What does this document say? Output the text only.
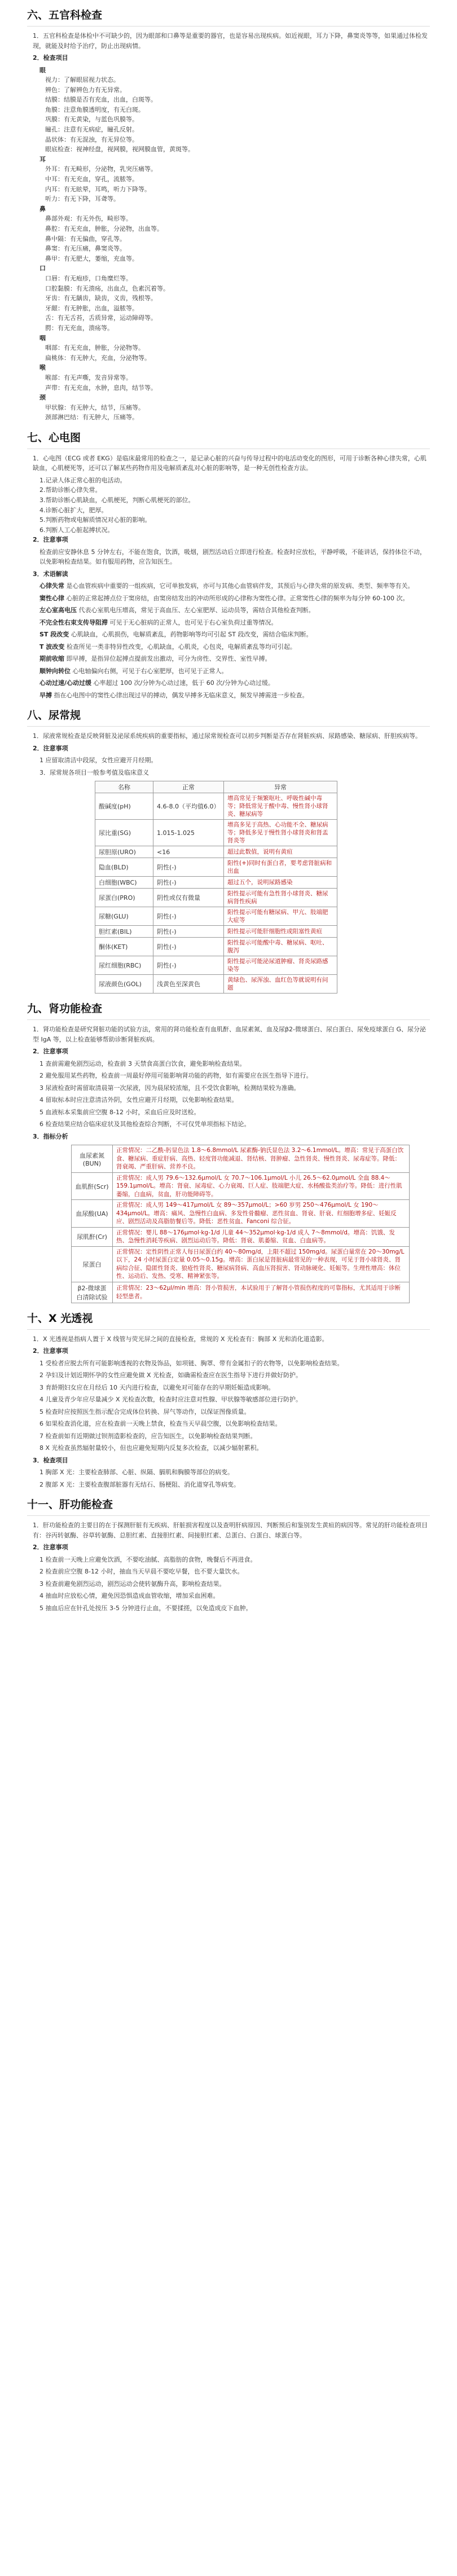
六、五官科检查

1．五官科检查是体检中不可缺少的，因为眼部和口鼻等是重要的器官，也是容易出现疾病。如近视眼，耳力下降，鼻窦炎等等，如果通过体检发现，就能及时给予治疗，防止出现病情。

2．检查项目

眼
视力：了解眼屈视力状态。
辨色：了解辨色力有无异常。
结膜：结膜是否有充血，出血，白斑等。
角膜：注意角膜透明度，有无白斑。
巩膜：有无黄染，与蓝色巩膜等。
瞳孔：注意有无病症，瞳孔反射。
晶状体：有无混浊，有无异位等。
眼底检查：视神经盘，视网膜，视网膜血管，黄斑等。
耳
外耳：有无畸形，分泌物，乳突压痛等。
中耳：有无充血，穿孔，流脓等。
内耳：有无眩晕，耳鸣，听力下降等。
听力：有无下降，耳聋等。
鼻
鼻部外观：有无外伤，畸形等。
鼻腔：有无充血，肿胀，分泌物，出血等。
鼻中隔：有无偏曲，穿孔等。
鼻窦：有无压痛，鼻窦炎等。
鼻甲：有无肥大，萎缩，充血等。
口
口唇：有无疱疹，口角糜烂等。
口腔黏膜：有无溃疡，出血点，色素沉着等。
牙齿：有无龋齿，缺齿，义齿，残根等。
牙龈：有无肿胀，出血，溢脓等。
舌：有无舌苔，舌质异常，运动障碍等。
腭：有无充血，溃疡等。
咽
咽部：有无充血，肿胀，分泌物等。
扁桃体：有无肿大，充血，分泌物等。
喉
喉部：有无声嘶，发音异常等。
声带：有无充血，水肿，息肉，结节等。
颈
甲状腺：有无肿大，结节，压痛等。
颈部淋巴结：有无肿大，压痛等。
七、心电图

1．心电图（ECG 或者 EKG）是临床最常用的检查之一，是记录心脏的兴奋与传导过程中的电活动变化的图形，可用于诊断各种心律失常，心肌缺血，心肌梗死等，还可以了解某些药物作用及电解质紊乱对心脏的影响等，是一种无创性检查方法。

1.记录人体正常心脏的电活动。
2.帮助诊断心律失常。
3.帮助诊断心肌缺血，心肌梗死，判断心肌梗死的部位。
4.诊断心脏扩大，肥厚。
5.判断药物或电解质情况对心脏的影响。
6.判断人工心脏起搏状况。

2．注意事项

检查前应安静休息 5 分钟左右，不能在饱食，饮酒，吸烟，剧烈活动后立即进行检查。检查时应放松，平静呼吸，不能讲话，保持体位不动，以免影响检查结果。如有服用药物，应告知医生。

3．术语解读

心律失常 是心血管疾病中重要的一组疾病，它可单独发病，亦可与其他心血管病伴发，其预后与心律失常的原发病、类型、频率等有关。

窦性心律 心脏的正常起搏点位于窦房结，由窦房结发出的冲动所形成的心律称为窦性心律。正常窦性心律的频率为每分钟 60-100 次。

左心室高电压 代表心室肌电压增高，常见于高血压、左心室肥厚、运动员等，需结合其他检查判断。

不完全性右束支传导阻滞 可见于无心脏病的正常人，也可见于右心室负荷过重等情况。

ST 段改变 心肌缺血，心肌损伤，电解质紊乱，药物影响等均可引起 ST 段改变，需结合临床判断。

T 波改变 检查所见一类非特异性改变，心肌缺血，心肌炎，心包炎，电解质紊乱等均可引起。

期前收缩 即早搏，是指异位起搏点提前发出激动，可分为房性、交界性、室性早搏。

顺钟向转位 心电轴偏向右侧，可见于右心室肥厚，也可见于正常人。

心动过速/心动过缓 心率超过 100 次/分钟为心动过速，低于 60 次/分钟为心动过缓。

早搏 指在心电图中的窦性心律出现过早的搏动，偶发早搏多无临床意义，频发早搏需进一步检查。

八、尿常规

1．尿液常规检查是反映肾脏及泌尿系统疾病的重要指标，通过尿常规检查可以初步判断是否存在肾脏疾病、尿路感染、糖尿病、肝胆疾病等。

2．注意事项

1 应留取清洁中段尿，女性应避开月经期。

3．尿常规各项目一般参考值及临床意义

名称	正常	异常
酸碱度(pH)	4.6-8.0（平均值6.0）	增高常见于频繁呕吐、呼吸性碱中毒等；降低常见于酸中毒、慢性肾小球肾炎、糖尿病等
尿比重(SG)	1.015-1.025	增高多见于高热、心功能不全、糖尿病等；降低多见于慢性肾小球肾炎和肾盂肾炎等
尿胆原(URO)	<16	超过此数值，说明有黄疸
隐血(BLD)	阴性(-)	阳性(+)同时有蛋白者，要考虑肾脏病和出血
白细胞(WBC)	阴性(-)	超过五个，说明尿路感染
尿蛋白(PRO)	阴性或仅有微量	阳性提示可能有急性肾小球肾炎、糖尿病肾性疾病
尿糖(GLU)	阴性(-)	阳性提示可能有糖尿病、甲亢、肢端肥大症等
胆红素(BIL)	阴性(-)	阳性提示可能肝细胞性或阻塞性黄疸
酮体(KET)	阴性(-)	阳性提示可能酸中毒、糖尿病、呕吐、腹泻
尿红细胞(RBC)	阴性(-)	阳性提示可能泌尿道肿瘤、肾炎尿路感染等
尿液颜色(GOL)	浅黄色至深黄色	黄绿色、尿浑浊、血红色等就说明有问题
九、肾功能检查

1．肾功能检查是研究肾脏功能的试验方法，常用的肾功能检查有血肌酐、血尿素氮、血及尿β2-微球蛋白、尿白蛋白、尿免疫球蛋白 G、尿分泌型 IgA 等，以上检查能够帮助诊断肾脏疾病。

2．注意事项

1 查前需避免剧烈运动，检查前 3 天禁食高蛋白饮食，避免影响检查结果。

2 避免服用某些药物，检查前一周最好停用可能影响肾功能的药物，如有需要应在医生指导下进行。

3 尿液检查时需留取清晨第一次尿液，因为晨尿较浓缩，且不受饮食影响，检测结果较为准确。

4 留取标本时应注意清洁外阴，女性应避开月经期，以免影响检查结果。

5 血液标本采集前应空腹 8-12 小时，采血后应及时送检。

6 检查结果应结合临床症状及其他检查综合判断，不可仅凭单项指标下结论。

3．指标分析

血尿素氮(BUN)	正常情况：二乙酰-肟显色法 1.8～6.8mmol/L 尿素酶-钠氏显色法 3.2～6.1mmol/L。增高：常见于高蛋白饮食、糖尿病、重症肝病、高热、轻度肾功能减退、肾结核、肾肿瘤、急性肾炎、慢性肾炎、尿毒症等。降低：肾衰竭、严重肝病、营养不良。
血肌酐(Scr)	正常情况：成人男 79.6～132.6μmol/L 女 70.7～106.1μmol/L 小儿 26.5～62.0μmol/L 全血 88.4～159.1μmol/L。增高：肾衰、尿毒症、心力衰竭、巨人症、肢端肥大症、水杨酸盐类治疗等。降低：进行性肌萎缩，白血病，贫血，肝功能障碍等。
血尿酸(UA)	正常情况：成人男 149～417μmol/L 女 89～357μmol/L；>60 岁男 250～476μmol/L 女 190～434μmol/L。增高：痛风、急慢性白血病、多发性骨髓瘤、恶性贫血、肾衰、肝衰、红细胞增多症、妊娠反应、剧烈活动及高脂肪餐后等。降低：恶性贫血、Fanconi 综合征。
尿肌酐(Cr)	正常情况：婴儿 88～176μmol·kg-1/d 儿童 44～352μmol·kg-1/d 成人 7～8mmol/d。增高：饥饿、发热、急慢性消耗等疾病、剧烈运动后等。降低：肾衰、肌萎缩、贫血、白血病等。
尿蛋白	正常情况：定性阴性正常人每日尿蛋白约 40～80mg/d，上限不超过 150mg/d。尿蛋白量常在 20～30mg/L 以下，24 小时尿蛋白定量 0.05～0.15g。增高：蛋白尿是肾脏病最常见的一种表现，可见于肾小球肾炎、肾病综合征、隐匿性肾炎、狼疮性肾炎、糖尿病肾病、高血压肾损害、肾动脉硬化、妊娠等。生理性增高：体位性、运动后、发热、受寒、精神紧张等。
β2-微球蛋白清除试验	正常情况：23～62μl/min 增高：肾小管损害，本试验用于了解肾小管损伤程度的可靠指标，尤其适用于诊断轻型患者。
十、X 光透视

1．X 光透视是指病人置于 X 线管与荧光屏之间的直接检查，常规的 X 光检查有：胸部 X 光和消化道造影。

2．注意事项

1 受检者应脱去所有可能影响透视的衣物及饰品，如项链、胸罩、带有金属扣子的衣物等，以免影响检查结果。

2 孕妇及计划近期怀孕的女性应避免做 X 光检查，如确需检查应在医生指导下进行并做好防护。

3 育龄期妇女应在月经后 10 天内进行检查，以避免对可能存在的早期妊娠造成影响。

4 儿童及青少年应尽量减少 X 光检查次数，检查时应注意对性腺、甲状腺等敏感部位进行防护。

5 检查时应按照医生指示配合完成体位转换、屏气等动作，以保证图像质量。

6 如果检查消化道，应在检查前一天晚上禁食，检查当天早晨空腹，以免影响检查结果。

7 检查前如有近期做过钡剂造影检查的，应告知医生，以免影响检查结果判断。

8 X 光检查虽然辐射量较小，但也应避免短期内反复多次检查，以减少辐射累积。

3．检查项目

1 胸部 X 光：主要检查肺部、心脏、纵隔、膈肌和胸膜等部位的病变。

2 腹部 X 光：主要检查腹部脏器有无结石、肠梗阻、消化道穿孔等病变。

十一、肝功能检查

1．肝功能检查的主要目的在于探测肝脏有无疾病、肝脏损害程度以及查明肝病原因、判断预后和鉴别发生黄疸的病因等。常见的肝功能检查项目有：谷丙转氨酶、谷草转氨酶、总胆红素、直接胆红素、间接胆红素、总蛋白、白蛋白、球蛋白等。

2．注意事项

1 检查前一天晚上应避免饮酒，不要吃油腻、高脂肪的食物，晚餐后不再进食。

2 检查前应空腹 8-12 小时，抽血当天早晨不要吃早餐，也不要大量饮水。

3 检查前避免剧烈运动，剧烈运动会使转氨酶升高，影响检查结果。

4 抽血时应放松心情，避免因恐惧造成血管收缩，增加采血困难。

5 抽血后应在针孔处按压 3-5 分钟进行止血，不要揉搓，以免造成皮下血肿。
